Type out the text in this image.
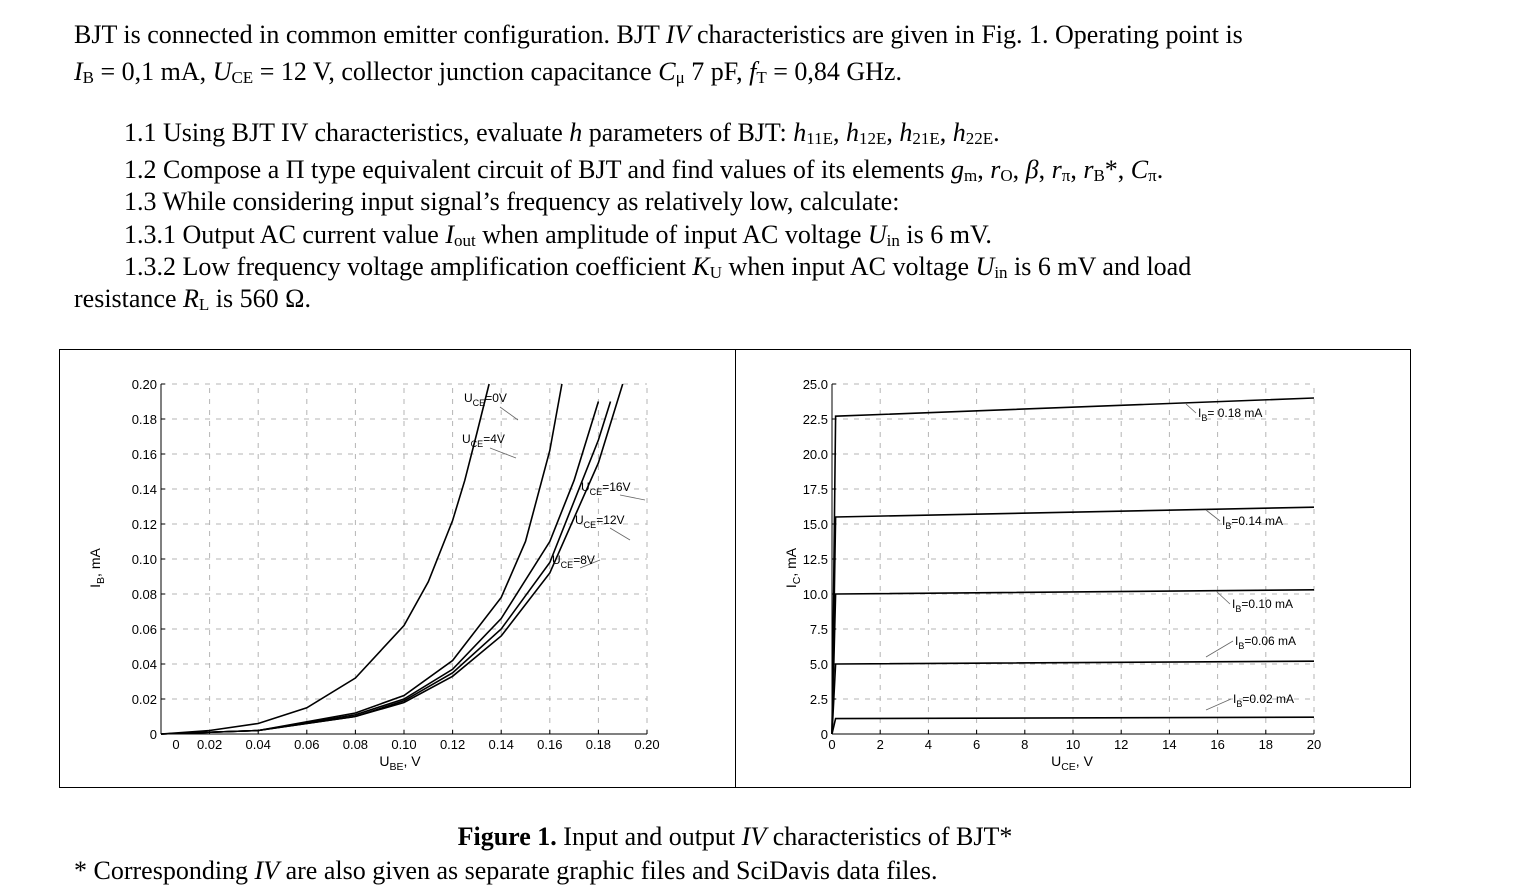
BJT is connected in common emitter configuration. BJT IV characteristics are given in Fig. 1. Operating point is
$I_B = 0,1$ mA, $U_{CE} = 12$ V, collector junction capacitance $C_\mu$ 7 pF, $f_T = 0,84$ GHz.
1.1 Using BJT IV characteristics, evaluate h parameters of BJT: $h_{11E}$, $h_{12E}$, $h_{21E}$, $h_{22E}$.
1.2 Compose a Π type equivalent circuit of BJT and find values of its elements $g_m$, $r_O$, β, $r_\pi$, $r_B*$, $C_\pi$.
1.3 While considering input signal’s frequency as relatively low, calculate:
1.3.1 Output AC current value $I_{out}$ when amplitude of input AC voltage $U_{in}$ is 6 mV.
1.3.2 Low frequency voltage amplification coefficient $K_U$ when input AC voltage $U_{in}$ is 6 mV and load
resistance $R_L$ is 560 Ω.
0 0.02 0.04 0.06 0.08 0.10 0.12 0.14 0.16 0.18 0.20
0
0.02
0.04
0.06
0.08
0.10
0.12
0.14
0.16
0.18
0.20
$U_{BE}$, V
$I_B$, mA
$U_{CE}=0V$
$U_{CE}=4V$
$U_{CE}=8V$
$U_{CE}=12V$
$U_{CE}=16V$
0	2	4	6	8	10	12	14	16	18	20
0
2.5
5.0
7.5
10.0
12.5
15.0
17.5
20.0
22.5
25.0
$U_{CE}$, V
$I_C$, mA
$I_B=0.02$ mA
$I_B=0.06$ mA
$I_B=0.10$ mA
$I_B=0.14$ mA
$I_B= 0.18$ mA
Figure 1. Input and output IV characteristics of BJT*
* Corresponding IV are also given as separate graphic files and SciDavis data files.
